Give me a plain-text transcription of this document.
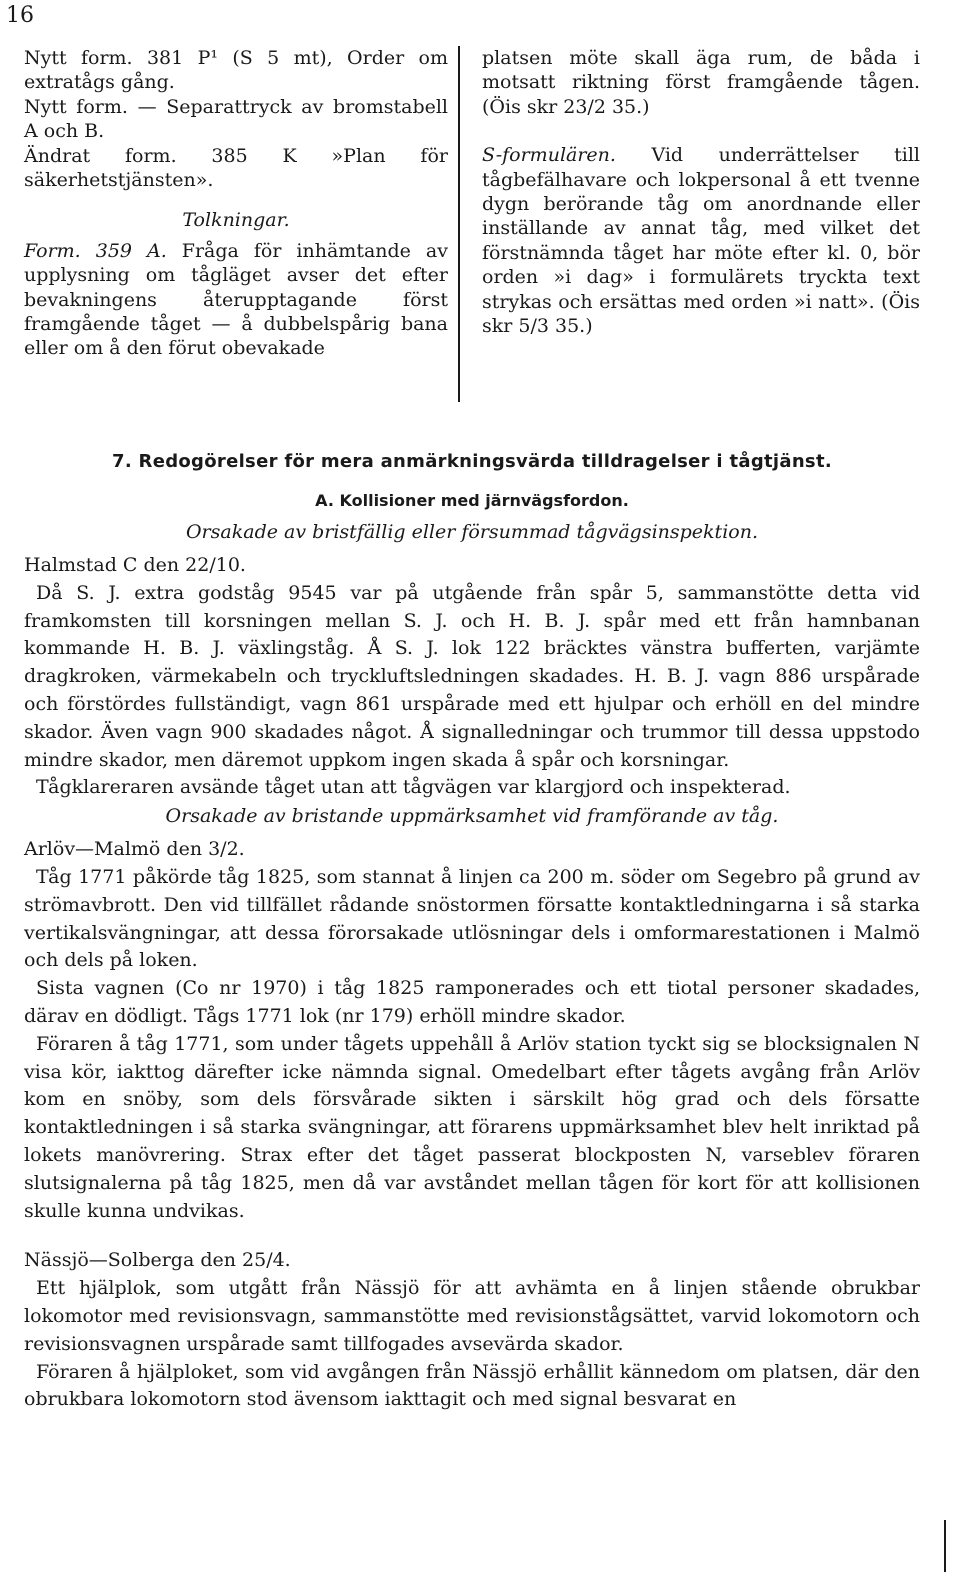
16

Nytt form. 381 P¹ (S 5 mt), Order om extratågs gång.

Nytt form. — Separattryck av bromstabell A och B.

Ändrat form. 385 K »Plan för säkerhetstjänsten».

Tolkningar.

Form. 359 A. Fråga för inhämtande av upplysning om tågläget avser det efter bevakningens återupptagande först framgående tåget — å dubbelspårig bana eller om å den förut obevakade

platsen möte skall äga rum, de båda i motsatt riktning först framgående tågen. (Öis skr 23/2 35.)

S-formulären. Vid underrättelser till tågbefälhavare och lokpersonal å ett tvenne dygn berörande tåg om anordnande eller inställande av annat tåg, med vilket det förstnämnda tåget har möte efter kl. 0, bör orden »i dag» i formulärets tryckta text strykas och ersättas med orden »i natt». (Öis skr 5/3 35.)

7. Redogörelser för mera anmärkningsvärda tilldragelser i tågtjänst.

A. Kollisioner med järnvägsfordon.

Orsakade av bristfällig eller försummad tågvägsinspektion.

Halmstad C den 22/10.

Då S. J. extra godståg 9545 var på utgående från spår 5, sammanstötte detta vid framkomsten till korsningen mellan S. J. och H. B. J. spår med ett från hamnbanan kommande H. B. J. växlingståg. Å S. J. lok 122 bräcktes vänstra bufferten, varjämte dragkroken, värmekabeln och tryckluftsledningen skadades. H. B. J. vagn 886 urspårade och förstördes fullständigt, vagn 861 urspårade med ett hjulpar och erhöll en del mindre skador. Även vagn 900 skadades något. Å signalledningar och trummor till dessa uppstodo mindre skador, men däremot uppkom ingen skada å spår och korsningar.

Tågklareraren avsände tåget utan att tågvägen var klargjord och inspekterad.

Orsakade av bristande uppmärksamhet vid framförande av tåg.

Arlöv—Malmö den 3/2.

Tåg 1771 påkörde tåg 1825, som stannat å linjen ca 200 m. söder om Segebro på grund av strömavbrott. Den vid tillfället rådande snöstormen försatte kontaktledningarna i så starka vertikalsvängningar, att dessa förorsakade utlösningar dels i omformarestationen i Malmö och dels på loken.

Sista vagnen (Co nr 1970) i tåg 1825 ramponerades och ett tiotal personer skadades, därav en dödligt. Tågs 1771 lok (nr 179) erhöll mindre skador.

Föraren å tåg 1771, som under tågets uppehåll å Arlöv station tyckt sig se blocksignalen N visa kör, iakttog därefter icke nämnda signal. Omedelbart efter tågets avgång från Arlöv kom en snöby, som dels försvårade sikten i särskilt hög grad och dels försatte kontaktledningen i så starka svängningar, att förarens uppmärksamhet blev helt inriktad på lokets manövrering. Strax efter det tåget passerat blockposten N, varseblev föraren slutsignalerna på tåg 1825, men då var avståndet mellan tågen för kort för att kollisionen skulle kunna undvikas.

Nässjö—Solberga den 25/4.

Ett hjälplok, som utgått från Nässjö för att avhämta en å linjen stående obrukbar lokomotor med revisionsvagn, sammanstötte med revisionstågsättet, varvid lokomotorn och revisionsvagnen urspårade samt tillfogades avsevärda skador.

Föraren å hjälploket, som vid avgången från Nässjö erhållit kännedom om platsen, där den obrukbara lokomotorn stod ävensom iakttagit och med signal besvarat en
